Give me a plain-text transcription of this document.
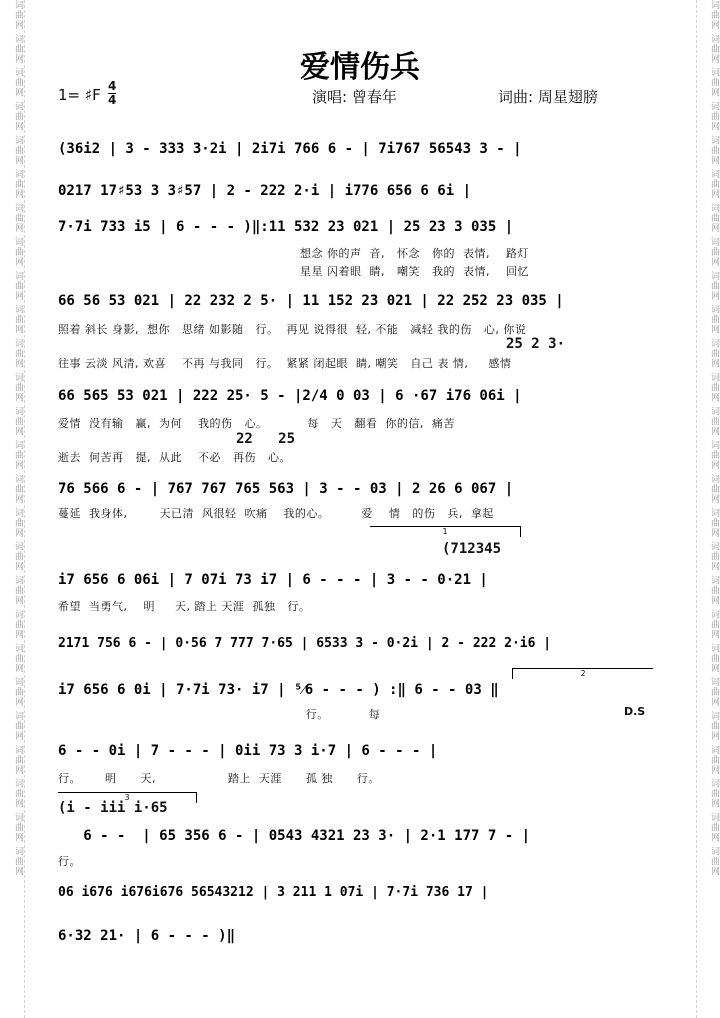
词曲网 词曲网 词曲网 词曲网 词曲网 词曲网 词曲网 词曲网 词曲网 词曲网 词曲网 词曲网 词曲网 词曲网 词曲网 词曲网 词曲网 词曲网 词曲网 词曲网 词曲网 词曲网 词曲网 词曲网 词曲网 词曲网	词曲网 词曲网 词曲网 词曲网 词曲网 词曲网 词曲网 词曲网 词曲网 词曲网 词曲网 词曲网 词曲网 词曲网 词曲网 词曲网 词曲网 词曲网 词曲网 词曲网 词曲网 词曲网 词曲网 词曲网 词曲网 词曲网
爱情伤兵
1= ♯F 4
4	演唱: 曾春年	词曲: 周星翅膀
(36i2 | 3 - 333 3·2i | 2i7i 766 6 - | 7i767 56543 3 - |
0217 17♯53 3 3♯57 | 2 - 222 2·i | i776 656 6 6i |
7·7i 733 i5 | 6 - - - )‖:11 532 23 021 | 25 23 3 035 |
想念 你的声  音,   怀念   你的  表情,    路灯
星星 闪着眼  睛,   嘲笑   我的  表情,    回忆
66 56 53 021 | 22 232 2 5· | 11 152 23 021 | 22 252 23 035 |
照着 斜长 身影,  想你   思绪 如影随   行。  再见 说得很  轻, 不能   减轻 我的伤   心, 你说
25 2 3·
往事 云淡 风清, 欢喜    不再 与我同   行。  紧紧 闭起眼  睛, 嘲笑   自己 表 情,     感情
66 565 53 021 | 222 25· 5 - |2/4 0 03 | 6 ·67 i76 06i |
爱情  没有输   赢,  为何    我的伤   心。          每   天   翻看  你的信,  痛苦
22   25
逝去  何苦再   提,  从此    不必   再伤   心。
76 566 6 - | 767 767 765 563 | 3 - - 03 | 2 26 6 067 |
蔓延  我身体,        天已清  风很轻  吹痛    我的心。        爱    情   的伤   兵,  拿起
1
(712345
i7 656 6 06i | 7 07i 73 i7 | 6 - - - | 3 - - 0·21 |
希望  当勇气,    明     天, 踏上 天涯  孤独   行。
2171 756 6 - | 0·56 7 777 7·65 | 6533 3 - 0·2i | 2 - 222 2·i6 |
2
i7 656 6 0i | 7·7i 73· i7 | ⁵⁄6 - - - ) :‖ 6 - - 03 ‖
行。          每	D.S
6 - - 0i | 7 - - - | 0ii 73 3 i·7 | 6 - - - |
行。      明      天,                  踏上  天涯      孤 独      行。
3
(i - iii i·65
6 - -  | 65 356 6 - | 0543 4321 23 3· | 2·1 177 7 - |
行。
06 i676 i676i676 56543212 | 3 211 1 07i | 7·7i 736 17 |
6·32 21· | 6 - - - )‖
